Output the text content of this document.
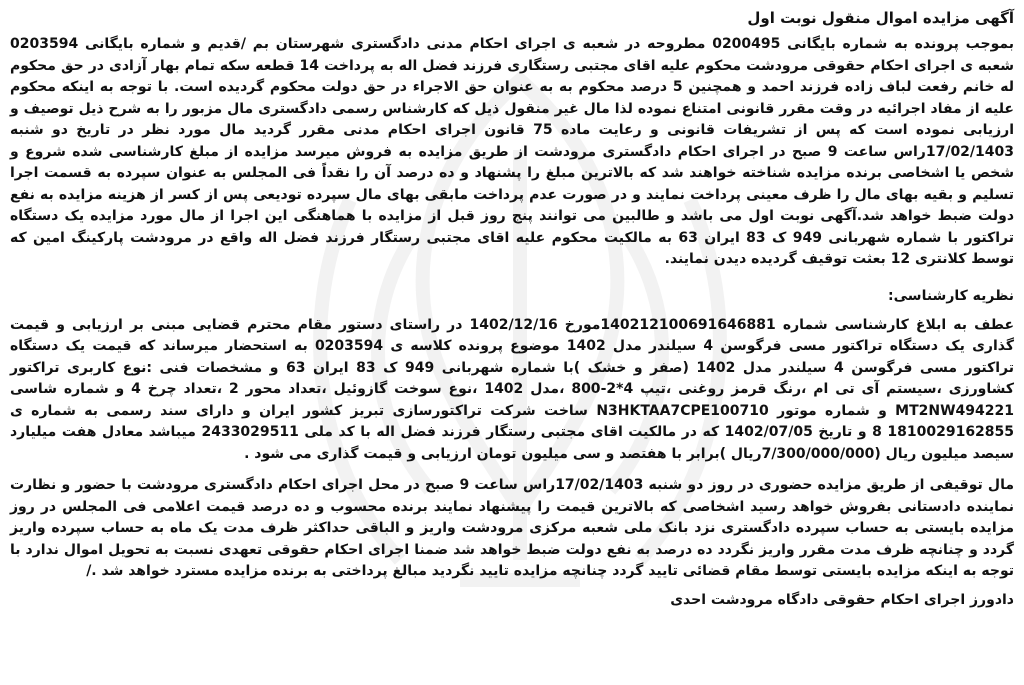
آگهی مزایده اموال منقول نوبت اول

بموجب پرونده به شماره بایگانی 0200495 مطروحه در شعبه ی اجرای احکام مدنی دادگستری شهرستان بم /قدیم و شماره بایگانی 0203594 شعبه ی اجرای احکام حقوقی مرودشت محکوم علیه اقای مجتبی رستگاری فرزند فضل اله به پرداخت 14 قطعه سکه تمام بهار آزادی در حق محکوم له خانم رفعت لباف زاده فرزند احمد و همچنین 5 درصد محکوم به به عنوان حق الاجراء در حق دولت محکوم گردیده است. با توجه به اینکه محکوم علیه از مفاد اجرائیه در وقت مقرر قانونی امتناع نموده لذا مال غیر منقول ذیل که کارشناس رسمی دادگستری مال مزبور را به شرح ذیل توصیف و ارزیابی نموده است که پس از تشریفات قانونی و رعایت ماده 75 قانون اجرای احکام مدنی مقرر گردید مال مورد نظر در تاریخ دو شنبه 17/02/1403راس ساعت 9 صبح در اجرای احکام دادگستری مرودشت از طریق مزایده به فروش میرسد مزایده از مبلغ کارشناسی شده شروع و شخص یا اشخاصی برنده مزایده شناخته خواهند شد که بالاترین مبلغ را پشنهاد و ده درصد آن را نقداً فی المجلس به عنوان سپرده به قسمت اجرا تسلیم و بقیه بهای مال را ظرف معینی پرداخت نمایند و در صورت عدم پرداخت مابقی بهای مال سپرده تودیعی پس از کسر از هزینه مزایده به نفع دولت ضبط خواهد شد.آگهی نوبت اول می باشد و طالبین می توانند پنج روز قبل از مزایده با هماهنگی این اجرا از مال مورد مزایده یک دستگاه تراکتور با شماره شهربانی 949 ک 83 ایران 63 به مالکیت محکوم علیه اقای مجتبی رستگار فرزند فضل اله واقع در مرودشت پارکینگ امین که توسط کلانتری 12 بعثت توقیف گردیده دیدن نمایند.

نظریه کارشناسی:

عطف به ابلاغ کارشناسی شماره 140212100691646881مورخ 1402/12/16 در راستای دستور مقام محترم قضایی مبنی بر ارزیابی و قیمت گذاری یک دستگاه تراکتور مسی فرگوسن 4 سیلندر مدل 1402 موضوع پرونده کلاسه ی 0203594 به استحضار میرساند که قیمت یک دستگاه تراکتور مسی فرگوسن 4 سیلندر مدل 1402 (صفر و خشک )با شماره شهربانی 949 ک 83 ایران 63 و مشخصات فنی :نوع کاربری تراکتور کشاورزی ،سیستم آی تی ام ،رنگ قرمز روغنی ،تیپ 4*2-800 ،مدل 1402 ،نوع سوخت گازوئیل ،تعداد محور 2 ،تعداد چرخ 4 و شماره شاسی MT2NW494221 و شماره موتور N3HKTAA7CPE100710 ساخت شرکت تراکتورسازی تبریز کشور ایران و دارای سند رسمی به شماره ی 1810029162855 8 و تاریخ 1402/07/05 که در مالکیت اقای مجتبی رستگار فرزند فضل اله با کد ملی 2433029511 میباشد معادل هفت میلیارد سیصد میلیون ریال (7/300/000/000ریال )برابر با هفتصد و سی میلیون تومان ارزیابی و قیمت گذاری می شود .

مال توقیفی از طریق مزایده حضوری در روز دو شنبه 17/02/1403راس ساعت 9 صبح در محل اجرای احکام دادگستری مرودشت با حضور و نظارت نماینده دادستانی بفروش خواهد رسید اشخاصی که بالاترین قیمت را پیشنهاد نمایند برنده محسوب و ده درصد قیمت اعلامی فی المجلس در روز مزایده بایستی به حساب سپرده دادگستری نزد بانک ملی شعبه مرکزی مرودشت واریز و الباقی حداکثر ظرف مدت یک ماه به حساب سپرده واریز گردد و چنانچه ظرف مدت مقرر واریز نگردد ده درصد به نفع دولت ضبط خواهد شد ضمنا اجرای احکام حقوقی تعهدی نسبت به تحویل اموال ندارد با توجه به اینکه مزایده بایستی توسط مقام قضائی تایید گردد چنانچه مزایده تایید نگردید مبالغ پرداختی به برنده مزایده مسترد خواهد شد ./

دادورز اجرای احکام حقوقی دادگاه مرودشت احدی
